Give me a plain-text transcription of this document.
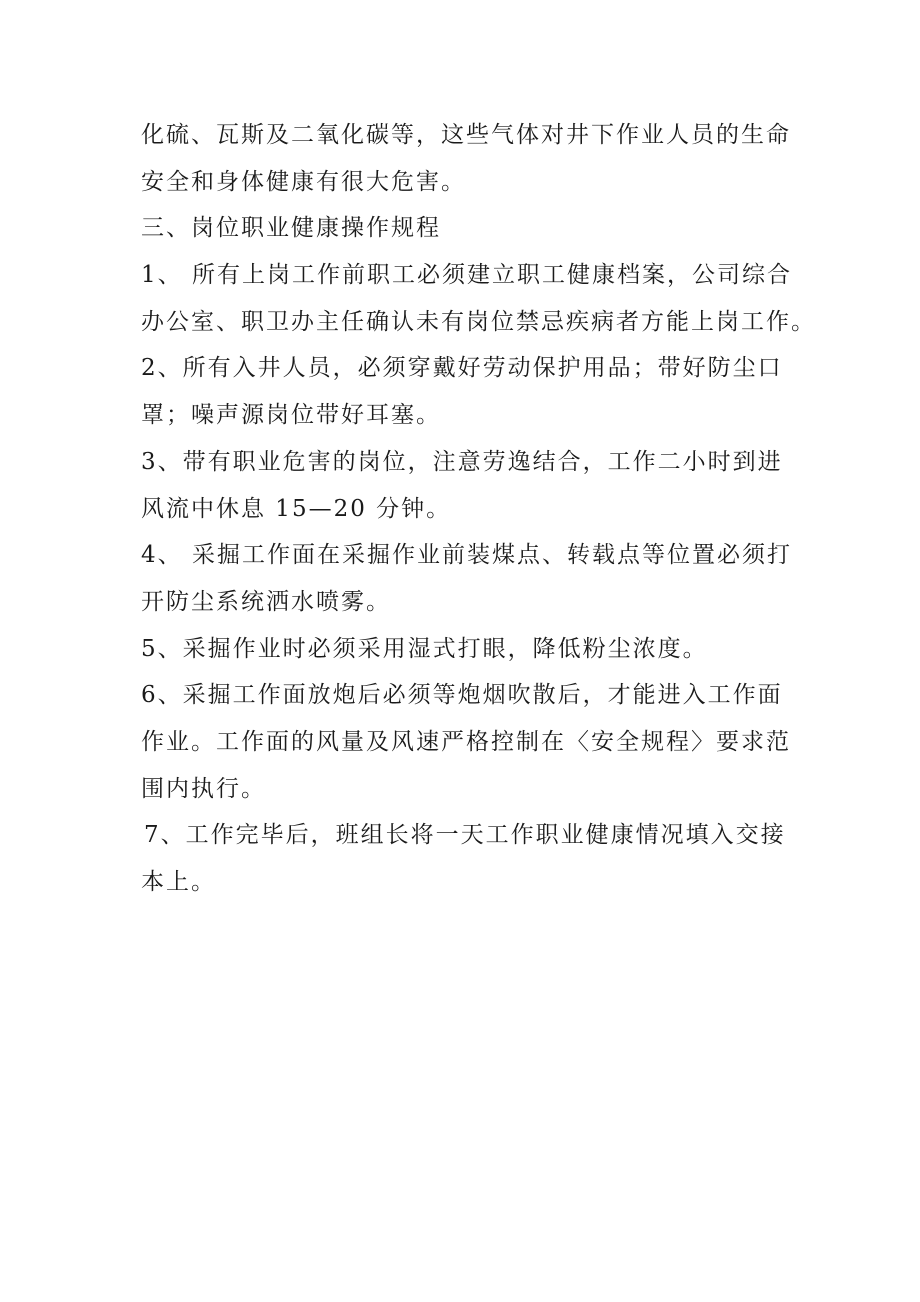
化硫、瓦斯及二氧化碳等，这些气体对井下作业人员的生命
安全和身体健康有很大危害。
三、岗位职业健康操作规程
1、 所有上岗工作前职工必须建立职工健康档案，公司综合
办公室、职卫办主任确认未有岗位禁忌疾病者方能上岗工作。
2、所有入井人员，必须穿戴好劳动保护用品；带好防尘口
罩；噪声源岗位带好耳塞。
3、带有职业危害的岗位，注意劳逸结合，工作二小时到进
风流中休息 15—20 分钟。
4、 采掘工作面在采掘作业前装煤点、转载点等位置必须打
开防尘系统洒水喷雾。
5、采掘作业时必须采用湿式打眼，降低粉尘浓度。
6、采掘工作面放炮后必须等炮烟吹散后，才能进入工作面
作业。工作面的风量及风速严格控制在〈安全规程〉要求范
围内执行。
7、工作完毕后，班组长将一天工作职业健康情况填入交接
本上。
